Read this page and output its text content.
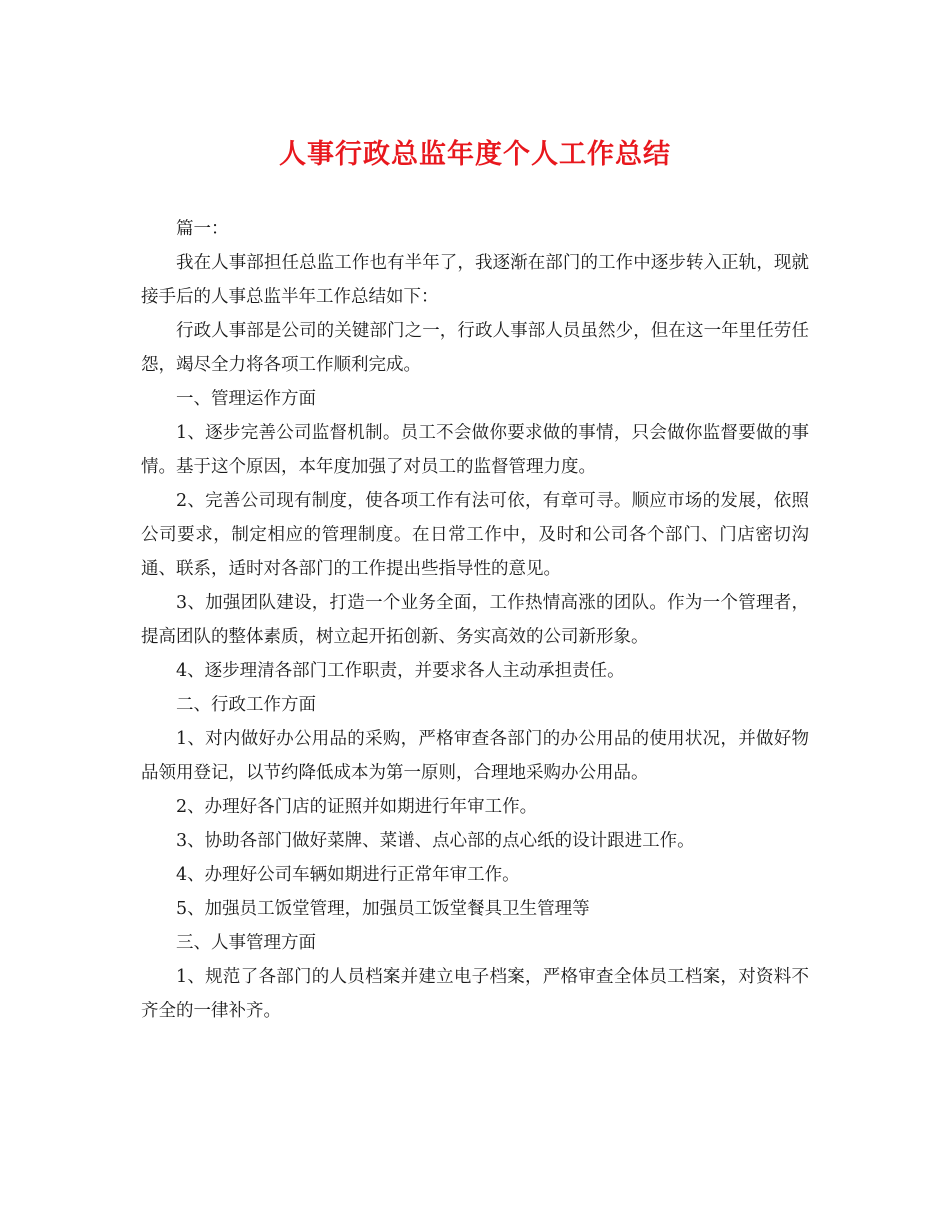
人事行政总监年度个人工作总结

篇一：

我在人事部担任总监工作也有半年了，我逐渐在部门的工作中逐步转入正轨，现就接手后的人事总监半年工作总结如下：

行政人事部是公司的关键部门之一，行政人事部人员虽然少，但在这一年里任劳任怨，竭尽全力将各项工作顺利完成。

一、管理运作方面

1、逐步完善公司监督机制。员工不会做你要求做的事情，只会做你监督要做的事情。基于这个原因，本年度加强了对员工的监督管理力度。

2、完善公司现有制度，使各项工作有法可依，有章可寻。顺应市场的发展，依照公司要求，制定相应的管理制度。在日常工作中，及时和公司各个部门、门店密切沟通、联系，适时对各部门的工作提出些指导性的意见。

3、加强团队建设，打造一个业务全面，工作热情高涨的团队。作为一个管理者，提高团队的整体素质，树立起开拓创新、务实高效的公司新形象。

4、逐步理清各部门工作职责，并要求各人主动承担责任。

二、行政工作方面

1、对内做好办公用品的采购，严格审查各部门的办公用品的使用状况，并做好物品领用登记，以节约降低成本为第一原则，合理地采购办公用品。

2、办理好各门店的证照并如期进行年审工作。

3、协助各部门做好菜牌、菜谱、点心部的点心纸的设计跟进工作。

4、办理好公司车辆如期进行正常年审工作。

5、加强员工饭堂管理，加强员工饭堂餐具卫生管理等

三、人事管理方面

1、规范了各部门的人员档案并建立电子档案，严格审查全体员工档案，对资料不齐全的一律补齐。
